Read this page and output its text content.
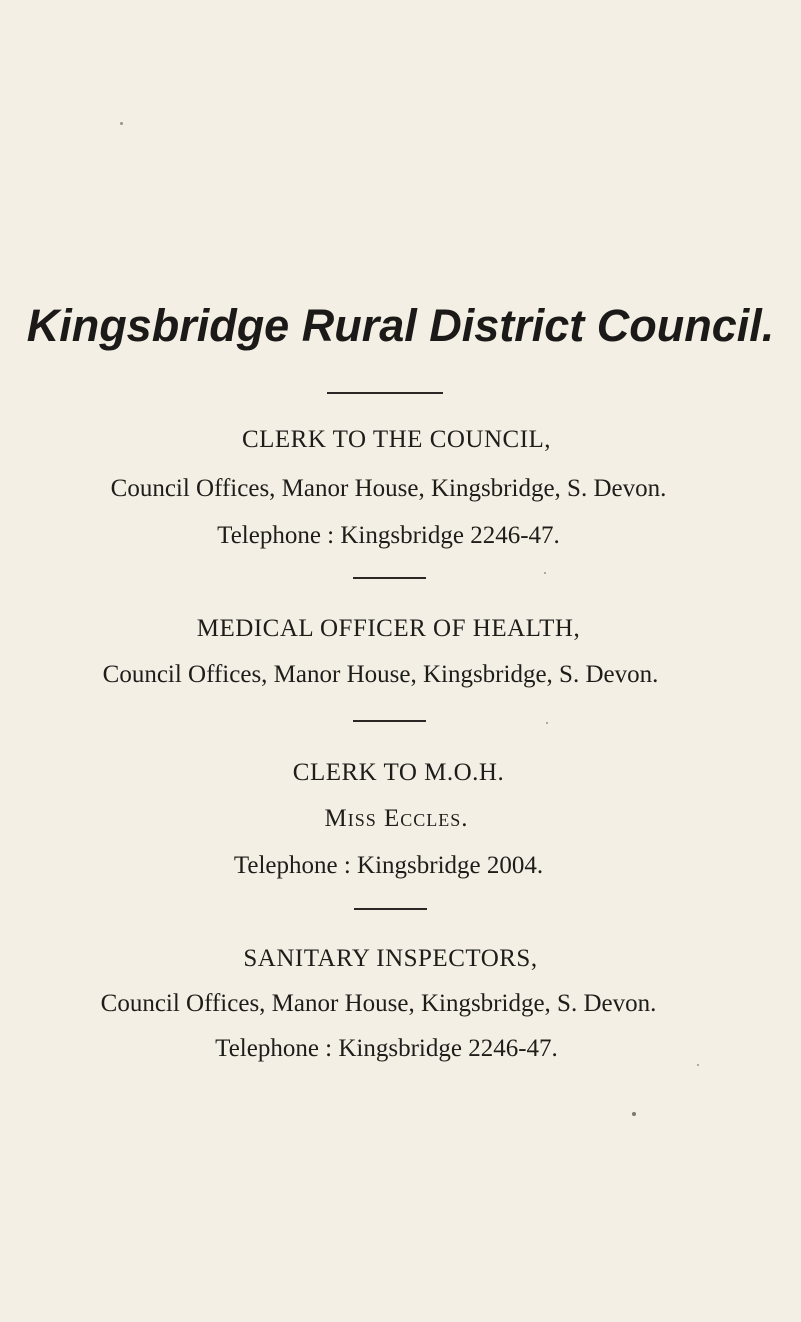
Kingsbridge Rural District Council.

CLERK TO THE COUNCIL,

Council Offices, Manor House, Kingsbridge, S. Devon.

Telephone : Kingsbridge 2246-47.

MEDICAL OFFICER OF HEALTH,

Council Offices, Manor House, Kingsbridge, S. Devon.

CLERK TO M.O.H.

Miss Eccles.

Telephone : Kingsbridge 2004.

SANITARY INSPECTORS,

Council Offices, Manor House, Kingsbridge, S. Devon.

Telephone : Kingsbridge 2246-47.
